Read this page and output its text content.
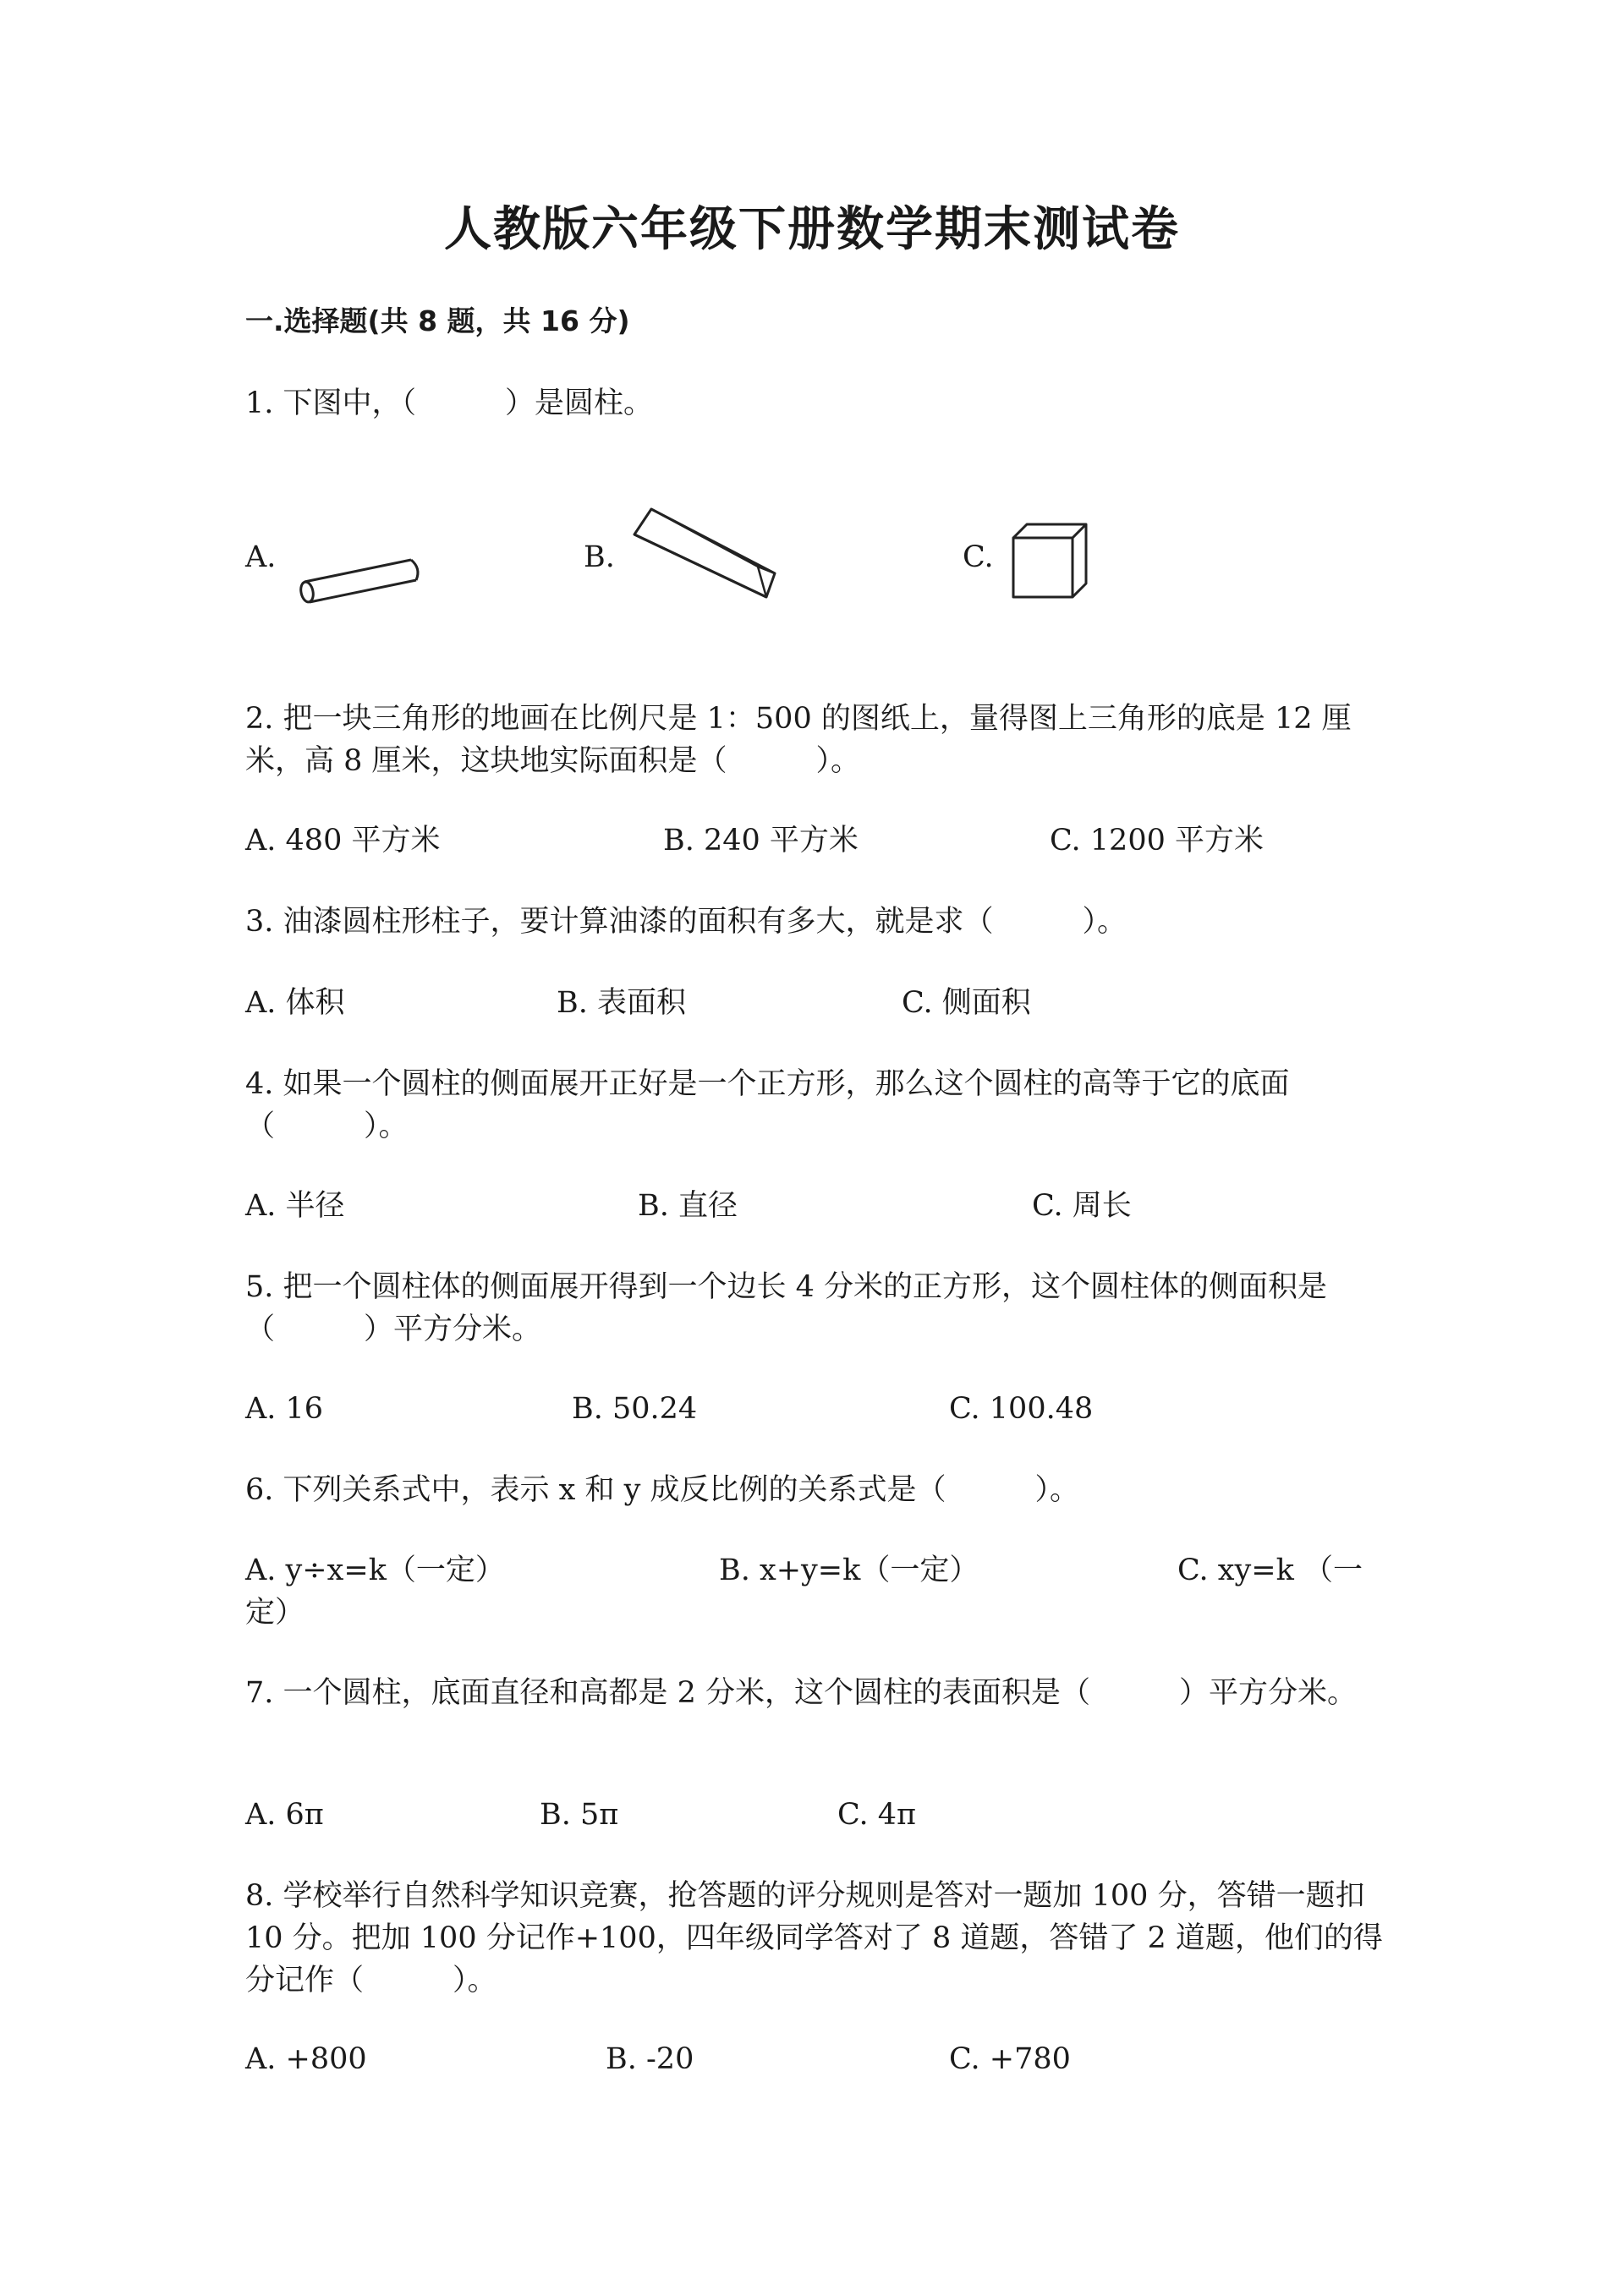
人教版六年级下册数学期末测试卷
一.选择题(共 8 题，共 16 分)

1. 下图中，（　　　）是圆柱。

A.	B.	C.

2. 把一块三角形的地画在比例尺是 1：500 的图纸上，量得图上三角形的底是 12 厘米，高 8 厘米，这块地实际面积是（　　　）。

A. 480 平方米	B. 240 平方米	C. 1200 平方米

3. 油漆圆柱形柱子，要计算油漆的面积有多大，就是求（　　　）。

A. 体积	B. 表面积	C. 侧面积

4. 如果一个圆柱的侧面展开正好是一个正方形，那么这个圆柱的高等于它的底面（　　　）。

A. 半径	B. 直径	C. 周长

5. 把一个圆柱体的侧面展开得到一个边长 4 分米的正方形，这个圆柱体的侧面积是（　　　）平方分米。

A. 16	B. 50.24	C. 100.48

6. 下列关系式中，表示 x 和 y 成反比例的关系式是（　　　）。

A. y÷x=k（一定）	B. x+y=k（一定）	C. xy=k （一定）

7. 一个圆柱，底面直径和高都是 2 分米，这个圆柱的表面积是（　　　）平方分米。

A. 6π	B. 5π	C. 4π

8. 学校举行自然科学知识竞赛，抢答题的评分规则是答对一题加 100 分，答错一题扣 10 分。把加 100 分记作+100，四年级同学答对了 8 道题，答错了 2 道题，他们的得分记作（　　　）。

A. +800	B. -20	C. +780
